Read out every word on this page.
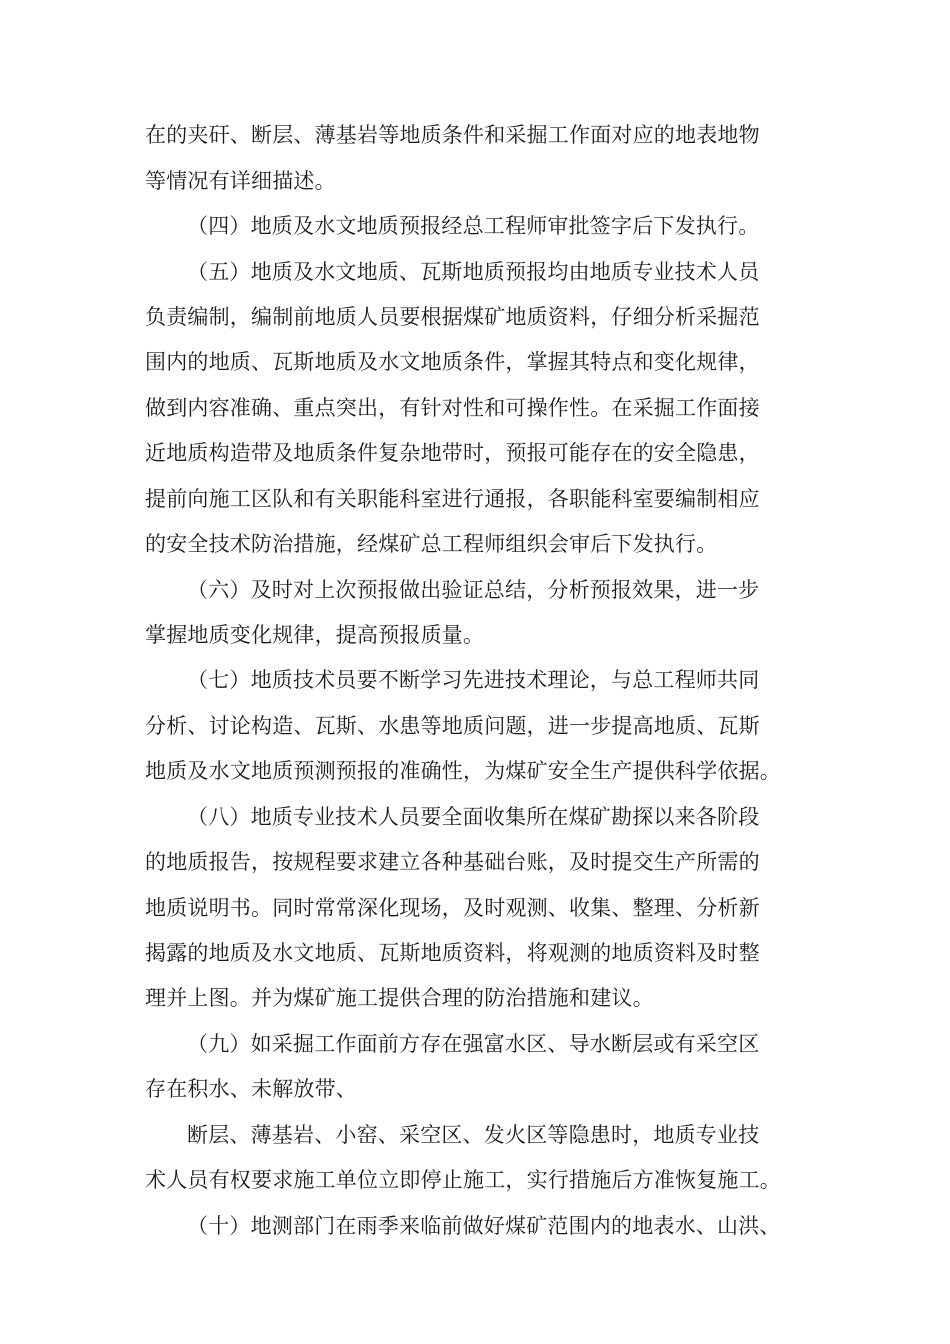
在的夹矸、断层、薄基岩等地质条件和采掘工作面对应的地表地物
等情况有详细描述。
（四）地质及水文地质预报经总工程师审批签字后下发执行。
（五）地质及水文地质、瓦斯地质预报均由地质专业技术人员
负责编制，编制前地质人员要根据煤矿地质资料，仔细分析采掘范
围内的地质、瓦斯地质及水文地质条件，掌握其特点和变化规律，
做到内容准确、重点突出，有针对性和可操作性。在采掘工作面接
近地质构造带及地质条件复杂地带时，预报可能存在的安全隐患，
提前向施工区队和有关职能科室进行通报，各职能科室要编制相应
的安全技术防治措施，经煤矿总工程师组织会审后下发执行。
（六）及时对上次预报做出验证总结，分析预报效果，进一步
掌握地质变化规律，提高预报质量。
（七）地质技术员要不断学习先进技术理论，与总工程师共同
分析、讨论构造、瓦斯、水患等地质问题，进一步提高地质、瓦斯
地质及水文地质预测预报的准确性，为煤矿安全生产提供科学依据。
（八）地质专业技术人员要全面收集所在煤矿勘探以来各阶段
的地质报告，按规程要求建立各种基础台账，及时提交生产所需的
地质说明书。同时常常深化现场，及时观测、收集、整理、分析新
揭露的地质及水文地质、瓦斯地质资料，将观测的地质资料及时整
理并上图。并为煤矿施工提供合理的防治措施和建议。
（九）如采掘工作面前方存在强富水区、导水断层或有采空区
存在积水、未解放带、
断层、薄基岩、小窑、采空区、发火区等隐患时，地质专业技
术人员有权要求施工单位立即停止施工，实行措施后方准恢复施工。
（十）地测部门在雨季来临前做好煤矿范围内的地表水、山洪、
